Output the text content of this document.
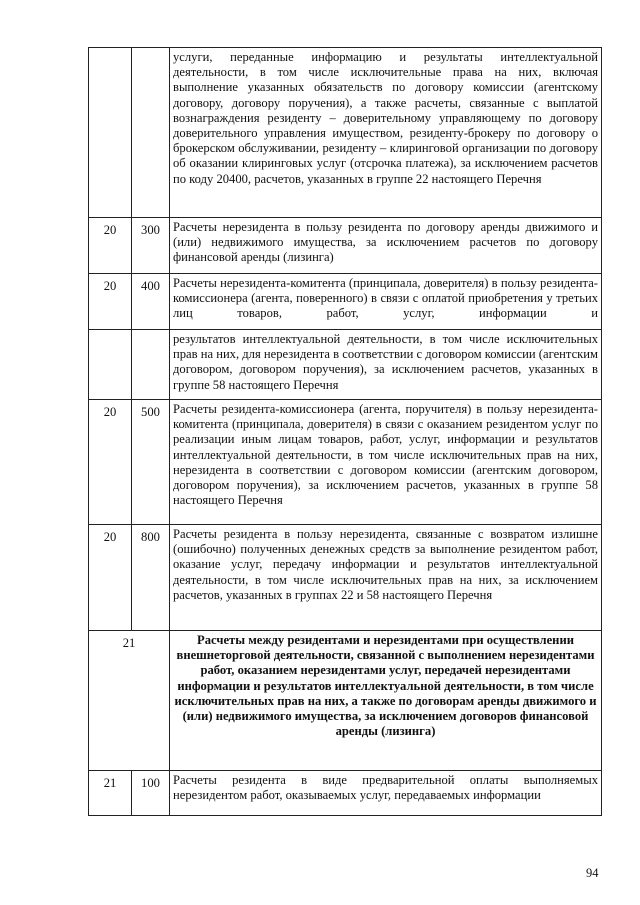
		услуги, переданные информацию и результаты интеллектуальной деятельности, в том числе исключительные права на них, включая выполнение указанных обязательств по договору комиссии (агентскому договору, договору поручения), а также расчеты, связанные с выплатой вознаграждения резиденту – доверительному управляющему по договору доверительного управления имуществом, резиденту-брокеру по договору о брокерском обслуживании, резиденту – клиринговой организации по договору об оказании клиринговых услуг (отсрочка платежа), за исключением расчетов по коду 20400, расчетов, указанных в группе 22 настоящего Перечня
20	300	Расчеты нерезидента в пользу резидента по договору аренды движимого и (или) недвижимого имущества, за исключением расчетов по договору финансовой аренды (лизинга)
20	400	Расчеты нерезидента-комитента (принципала, доверителя) в пользу резидента-комиссионера (агента, поверенного) в связи с оплатой приобретения у третьих лиц товаров, работ, услуг, информации и

		результатов интеллектуальной деятельности, в том числе исключительных прав на них, для нерезидента в соответствии с договором комиссии (агентским договором, договором поручения), за исключением расчетов, указанных в группе 58 настоящего Перечня
20	500	Расчеты резидента-комиссионера (агента, поручителя) в пользу нерезидента-комитента (принципала, доверителя) в связи с оказанием резидентом услуг по реализации иным лицам товаров, работ, услуг, информации и результатов интеллектуальной деятельности, в том числе исключительных прав на них, нерезидента в соответствии с договором комиссии (агентским договором, договором поручения), за исключением расчетов, указанных в группе 58 настоящего Перечня
20	800	Расчеты резидента в пользу нерезидента, связанные с возвратом излишне (ошибочно) полученных денежных средств за выполнение резидентом работ, оказание услуг, передачу информации и результатов интеллектуальной деятельности, в том числе исключительных прав на них, за исключением расчетов, указанных в группах 22 и 58 настоящего Перечня
21		Расчеты между резидентами и нерезидентами при осуществлении внешнеторговой деятельности, связанной с выполнением нерезидентами работ, оказанием нерезидентами услуг, передачей нерезидентами информации и результатов интеллектуальной деятельности, в том числе исключительных прав на них, а также по договорам аренды движимого и (или) недвижимого имущества, за исключением договоров финансовой аренды (лизинга)
21	100	Расчеты резидента в виде предварительной оплаты выполняемых нерезидентом работ, оказываемых услуг, передаваемых информации
94
